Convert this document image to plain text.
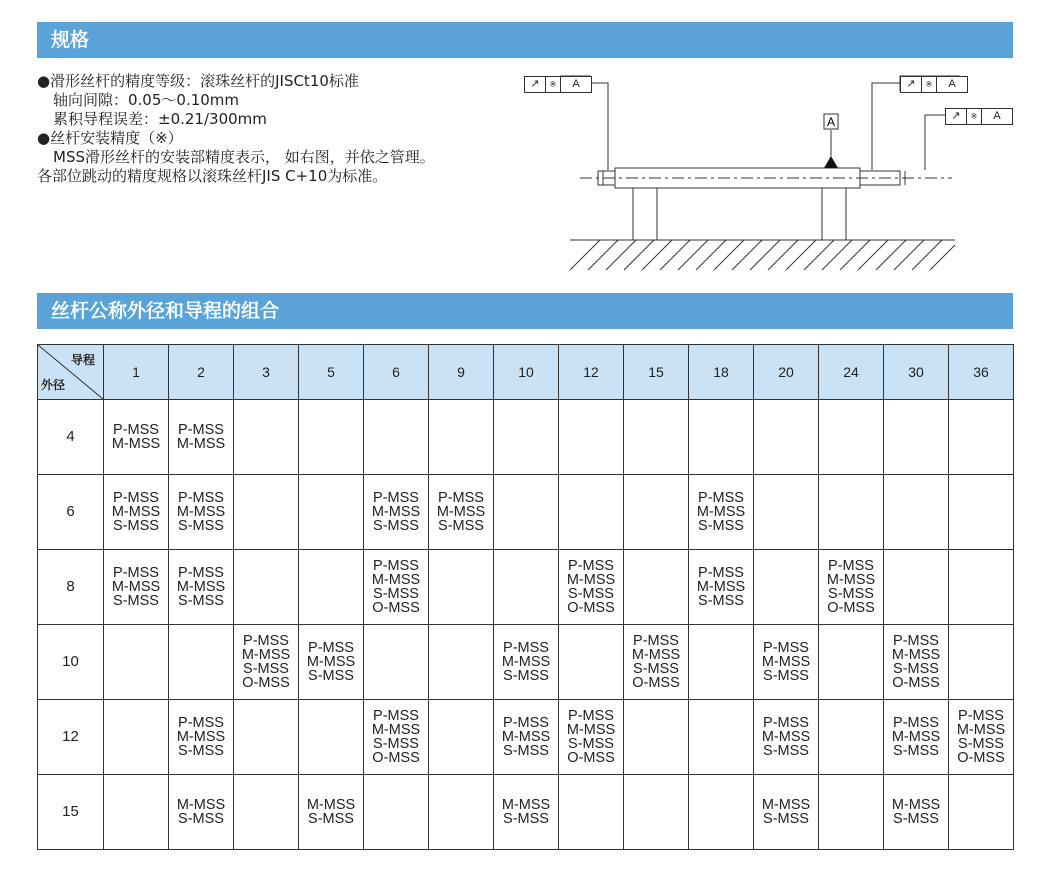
规格
●滑形丝杆的精度等级：滚珠丝杆的JISCt10标准
轴向间隙：0.05～0.10mm
累积导程误差：±0.21/300mm
●丝杆安装精度（※）
MSS滑形丝杆的安装部精度表示， 如右图，并依之管理。
各部位跳动的精度规格以滚珠丝杆JIS C+10为标准。
A
↗	※	A	↗	※	A
↗	※	A
丝杆公称外径和导程的组合
导程
外径	1	2	3	5	6	9	10	12	15	18	20	24	30	36
4	P-MSS
M-MSS	P-MSS
M-MSS												

6	P-MSS
M-MSS
S-MSS	P-MSS
M-MSS
S-MSS			P-MSS
M-MSS
S-MSS	P-MSS
M-MSS
S-MSS				P-MSS
M-MSS
S-MSS				

8	P-MSS
M-MSS
S-MSS	P-MSS
M-MSS
S-MSS			P-MSS
M-MSS
S-MSS
O-MSS			P-MSS
M-MSS
S-MSS
O-MSS		P-MSS
M-MSS
S-MSS		P-MSS
M-MSS
S-MSS
O-MSS		

10			P-MSS
M-MSS
S-MSS
O-MSS	P-MSS
M-MSS
S-MSS			P-MSS
M-MSS
S-MSS		P-MSS
M-MSS
S-MSS
O-MSS		P-MSS
M-MSS
S-MSS		P-MSS
M-MSS
S-MSS
O-MSS	

12		P-MSS
M-MSS
S-MSS			P-MSS
M-MSS
S-MSS
O-MSS		P-MSS
M-MSS
S-MSS	P-MSS
M-MSS
S-MSS
O-MSS			P-MSS
M-MSS
S-MSS		P-MSS
M-MSS
S-MSS	P-MSS
M-MSS
S-MSS
O-MSS

15		M-MSS
S-MSS		M-MSS
S-MSS			M-MSS
S-MSS				M-MSS
S-MSS		M-MSS
S-MSS	
